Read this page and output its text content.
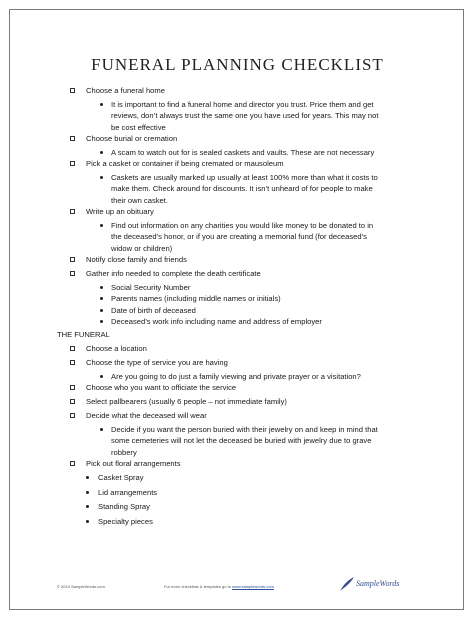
FUNERAL PLANNING CHECKLIST
Choose a funeral home
It is important to find a funeral home and director you trust. Price them and get
reviews, don’t always trust the same one you have used for years. This may not
be cost effective
Choose burial or cremation
A scam to watch out for is sealed caskets and vaults. These are not necessary
Pick a casket or container if being cremated or mausoleum
Caskets are usually marked up usually at least 100% more than what it costs to
make them. Check around for discounts. It isn’t unheard of for people to make
their own casket.
Write up an obituary
Find out information on any charities you would like money to be donated to in
the deceased’s honor, or if you are creating a memorial fund (for deceased’s
widow or children)
Notify close family and friends
Gather info needed to complete the death certificate
Social Security Number
Parents names (including middle names or initials)
Date of birth of deceased
Deceased’s work info including name and address of employer
THE FUNERAL
Choose a location
Choose the type of service you are having
Are you going to do just a family viewing and private prayer or a visitation?
Choose who you want to officiate the service
Select pallbearers (usually 6 people – not immediate family)
Decide what the deceased will wear
Decide if you want the person buried with their jewelry on and keep in mind that
some cemeteries will not let the deceased be buried with jewelry due to grave
robbery
Pick out floral arrangements
Casket Spray
Lid arrangements
Standing Spray
Specialty pieces
© 2010 SampleWords.com	For more checklists & templates go to www.samplewords.com	SampleWords
